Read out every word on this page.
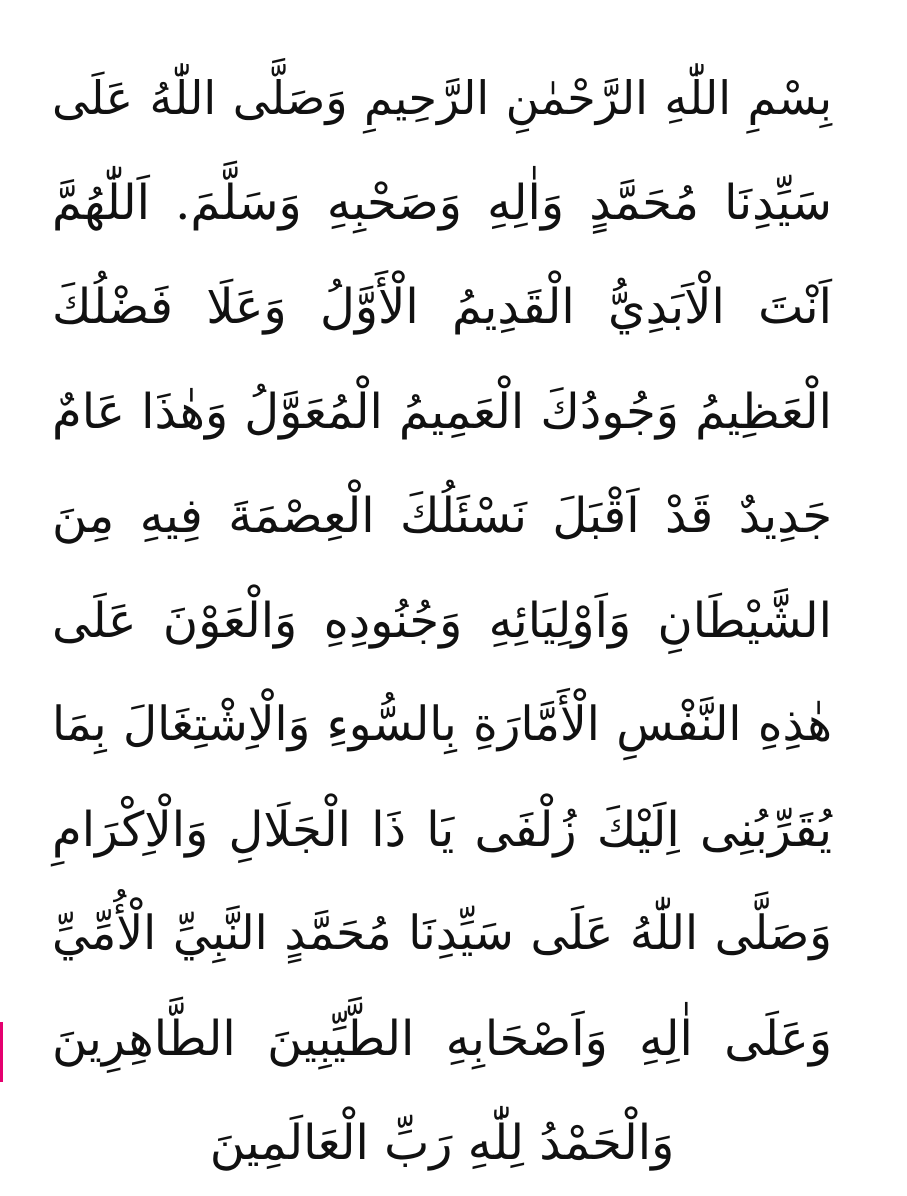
بِسْمِ اللّٰهِ الرَّحْمٰنِ الرَّحِيمِ وَصَلَّى اللّٰهُ عَلَى
سَيِّدِنَا مُحَمَّدٍ وَاٰلِهِ وَصَحْبِهِ وَسَلَّمَ. اَللّٰهُمَّ
اَنْتَ الْاَبَدِيُّ الْقَدِيمُ الْأَوَّلُ وَعَلَا فَضْلُكَ
الْعَظِيمُ وَجُودُكَ الْعَمِيمُ الْمُعَوَّلُ وَهٰذَا عَامٌ
جَدِيدٌ قَدْ اَقْبَلَ نَسْئَلُكَ الْعِصْمَةَ فِيهِ مِنَ
الشَّيْطَانِ وَاَوْلِيَائِهِ وَجُنُودِهِ وَالْعَوْنَ عَلَى
هٰذِهِ النَّفْسِ الْأَمَّارَةِ بِالسُّوءِ وَالْاِشْتِغَالَ بِمَا
يُقَرِّبُنِى اِلَيْكَ زُلْفَى يَا ذَا الْجَلَالِ وَالْاِكْرَامِ
وَصَلَّى اللّٰهُ عَلَى سَيِّدِنَا مُحَمَّدٍ النَّبِيِّ الْأُمِّيِّ
وَعَلَى اٰلِهِ وَاَصْحَابِهِ الطَّيِّبِينَ الطَّاهِرِينَ
وَالْحَمْدُ لِلّٰهِ رَبِّ الْعَالَمِينَ
